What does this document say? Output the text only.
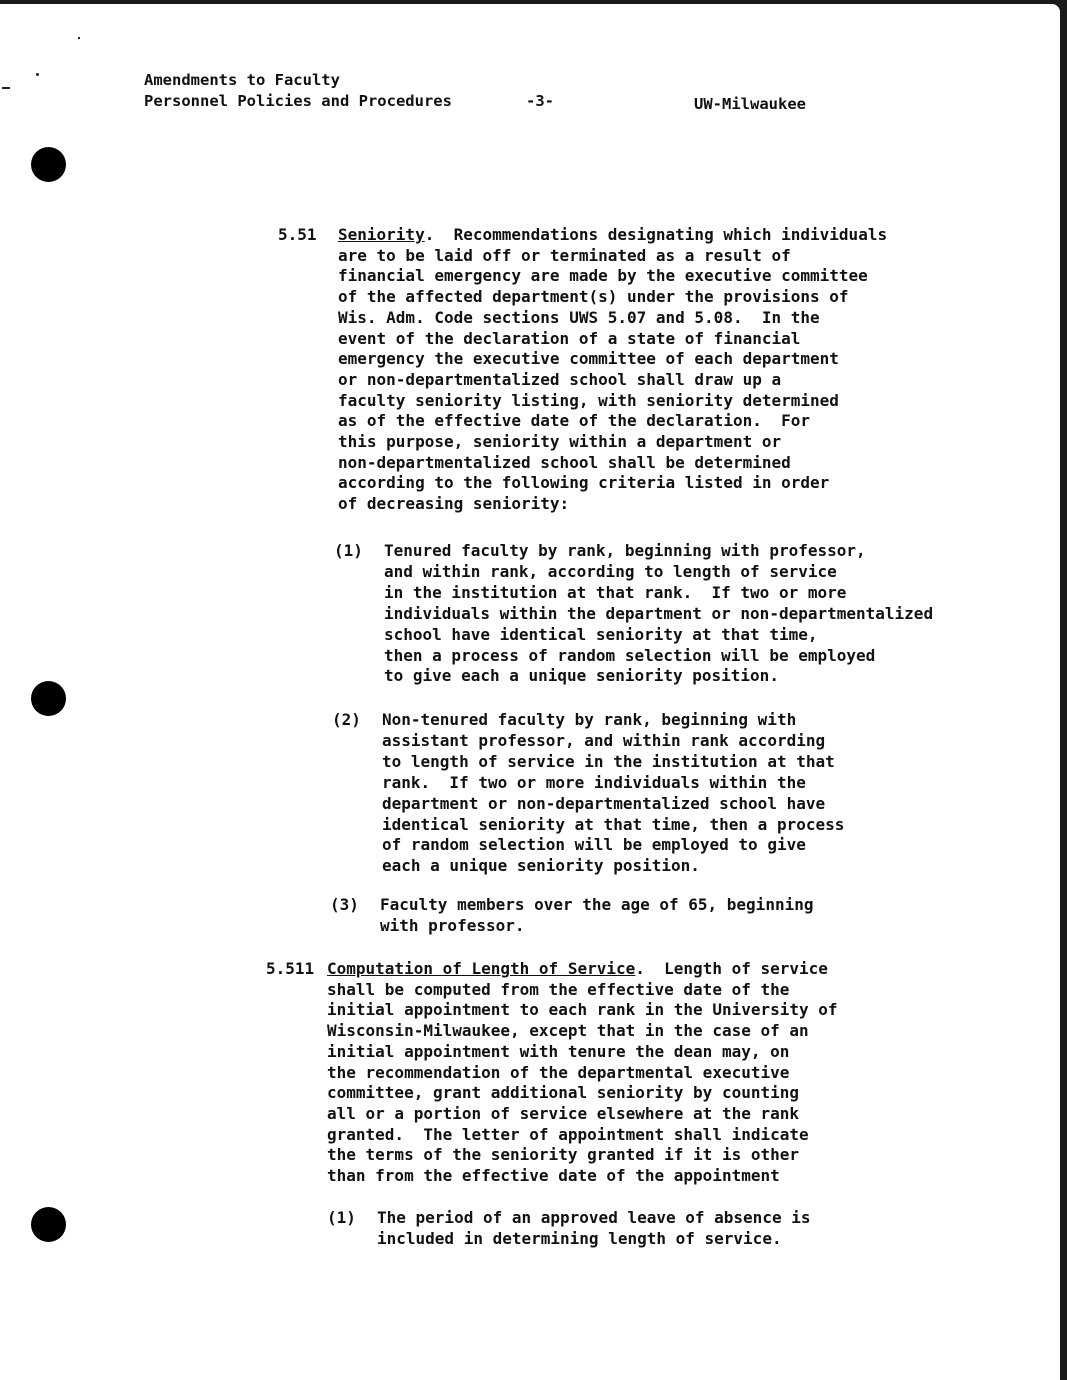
Amendments to Faculty
Personnel Policies and Procedures	-3-	UW-Milwaukee
5.51 Seniority.  Recommendations designating which individuals
are to be laid off or terminated as a result of
financial emergency are made by the executive committee
of the affected department(s) under the provisions of
Wis. Adm. Code sections UWS 5.07 and 5.08.  In the
event of the declaration of a state of financial
emergency the executive committee of each department
or non-departmentalized school shall draw up a
faculty seniority listing, with seniority determined
as of the effective date of the declaration.  For
this purpose, seniority within a department or
non-departmentalized school shall be determined
according to the following criteria listed in order
of decreasing seniority:
(1) Tenured faculty by rank, beginning with professor,
and within rank, according to length of service
in the institution at that rank.  If two or more
individuals within the department or non-departmentalized
school have identical seniority at that time,
then a process of random selection will be employed
to give each a unique seniority position.
(2) Non-tenured faculty by rank, beginning with
assistant professor, and within rank according
to length of service in the institution at that
rank.  If two or more individuals within the
department or non-departmentalized school have
identical seniority at that time, then a process
of random selection will be employed to give
each a unique seniority position.
(3) Faculty members over the age of 65, beginning
with professor.
5.511 Computation of Length of Service.  Length of service
shall be computed from the effective date of the
initial appointment to each rank in the University of
Wisconsin-Milwaukee, except that in the case of an
initial appointment with tenure the dean may, on
the recommendation of the departmental executive
committee, grant additional seniority by counting
all or a portion of service elsewhere at the rank
granted.  The letter of appointment shall indicate
the terms of the seniority granted if it is other
than from the effective date of the appointment
(1) The period of an approved leave of absence is
included in determining length of service.
